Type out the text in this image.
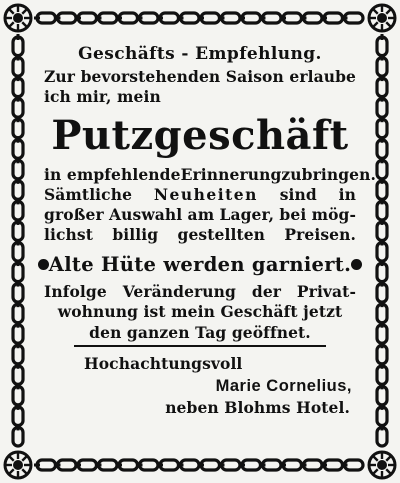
Geschäfts - Empfehlung.
Zur bevorstehenden Saison erlaube
ich mir, mein
Putzgeschäft
in empfehlende Erinnerung zu bringen.
Sämtliche Neuheiten sind in
großer Auswahl am Lager, bei mög-
lichst billig gestellten Preisen.
Alte Hüte werden garniert.
Infolge Veränderung der Privat-
wohnung ist mein Geschäft jetzt
den ganzen Tag geöffnet.
Hochachtungsvoll
Marie Cornelius,
neben Blohms Hotel.
